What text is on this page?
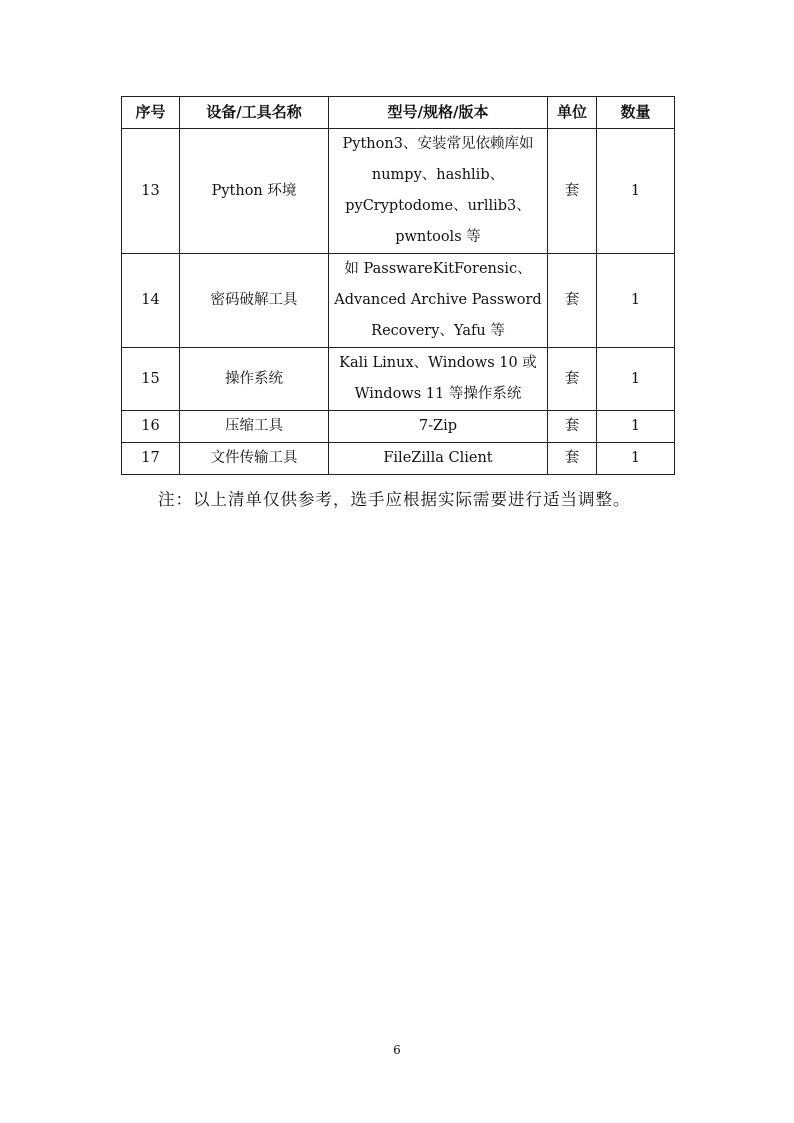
序号	设备/工具名称	型号/规格/版本	单位	数量
13	Python 环境	Python3、安装常见依赖库如
numpy、hashlib、
pyCryptodome、urllib3、
pwntools 等	套	1
14	密码破解工具	如 PasswareKitForensic、
Advanced Archive Password
Recovery、Yafu 等	套	1
15	操作系统	Kali Linux、Windows 10 或
Windows 11 等操作系统	套	1
16	压缩工具	7-Zip	套	1
17	文件传输工具	FileZilla Client	套	1
注：以上清单仅供参考，选手应根据实际需要进行适当调整。
6
